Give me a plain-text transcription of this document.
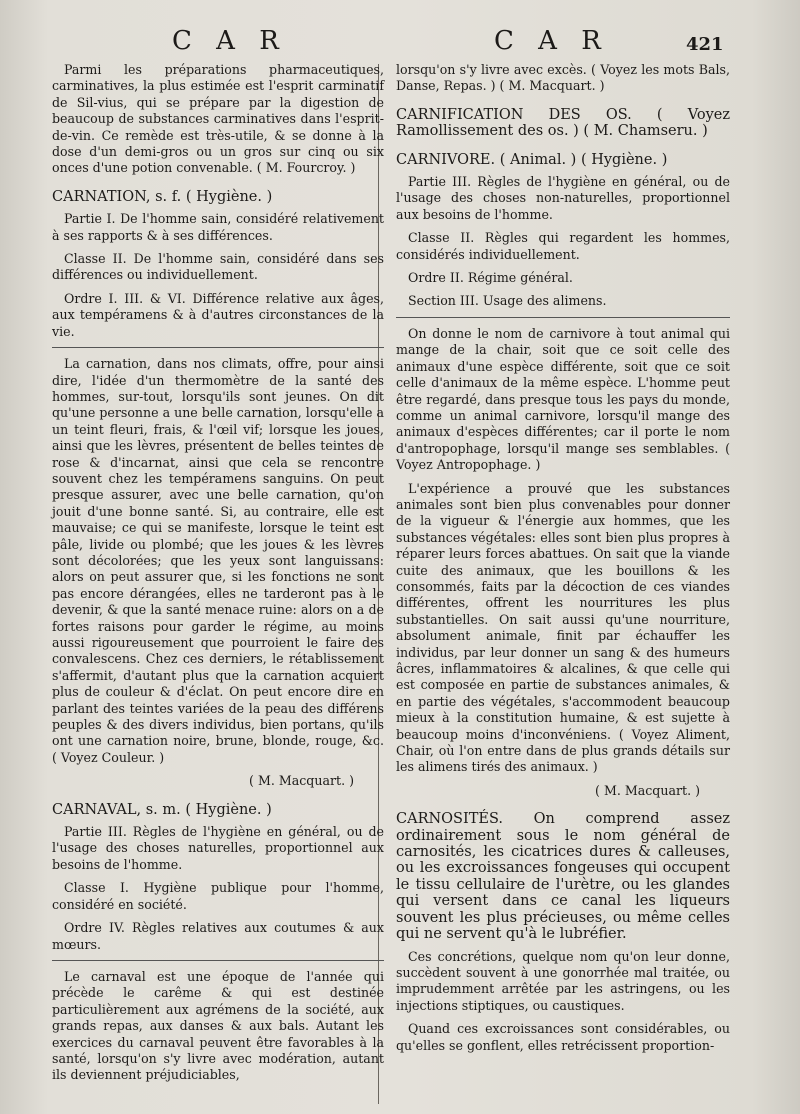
C A R	C A R	421

Parmi les préparations pharmaceutiques, carminatives, la plus estimée est l'esprit carminatif de Sil-vius, qui se prépare par la digestion de beaucoup de substances carminatives dans l'esprit-de-vin. Ce remède est très-utile, & se donne à la dose d'un demi-gros ou un gros sur cinq ou six onces d'une potion convenable. ( M. Fourcroy. )

CARNATION, s. f. ( Hygiène. )

Partie I. De l'homme sain, considéré relativement à ses rapports & à ses différences.

Classe II. De l'homme sain, considéré dans ses différences ou individuellement.

Ordre I. III. & VI. Différence relative aux âges, aux tempéramens & à d'autres circonstances de la vie.

La carnation, dans nos climats, offre, pour ainsi dire, l'idée d'un thermomètre de la santé des hommes, sur-tout, lorsqu'ils sont jeunes. On dit qu'une personne a une belle carnation, lorsqu'elle a un teint fleuri, frais, & l'œil vif; lorsque les joues, ainsi que les lèvres, présentent de belles teintes de rose & d'incarnat, ainsi que cela se rencontre souvent chez les tempéramens sanguins. On peut presque assurer, avec une belle carnation, qu'on jouit d'une bonne santé. Si, au contraire, elle est mauvaise; ce qui se manifeste, lorsque le teint est pâle, livide ou plombé; que les joues & les lèvres sont décolorées; que les yeux sont languissans: alors on peut assurer que, si les fonctions ne sont pas encore dérangées, elles ne tarderont pas à le devenir, & que la santé menace ruine: alors on a de fortes raisons pour garder le régime, au moins aussi rigoureusement que pourroient le faire des convalescens. Chez ces derniers, le rétablissement s'affermit, d'autant plus que la carnation acquiert plus de couleur & d'éclat. On peut encore dire en parlant des teintes variées de la peau des différens peuples & des divers individus, bien portans, qu'ils ont une carnation noire, brune, blonde, rouge, &c. ( Voyez Couleur. )

( M. Macquart. )

CARNAVAL, s. m. ( Hygiène. )

Partie III. Règles de l'hygiène en général, ou de l'usage des choses naturelles, proportionnel aux besoins de l'homme.

Classe I. Hygiène publique pour l'homme, considéré en société.

Ordre IV. Règles relatives aux coutumes & aux mœurs.

Le carnaval est une époque de l'année qui précède le carême & qui est destinée particulièrement aux agrémens de la société, aux grands repas, aux danses & aux bals. Autant les exercices du carnaval peuvent être favorables à la santé, lorsqu'on s'y livre avec modération, autant ils deviennent préjudiciables,

lorsqu'on s'y livre avec excès. ( Voyez les mots Bals, Danse, Repas. ) ( M. Macquart. )

CARNIFICATION DES OS. ( Voyez Ramollissement des os. ) ( M. Chamseru. )

CARNIVORE. ( Animal. ) ( Hygiène. )

Partie III. Règles de l'hygiène en général, ou de l'usage des choses non-naturelles, proportionnel aux besoins de l'homme.

Classe II. Règles qui regardent les hommes, considérés individuellement.

Ordre II. Régime général.

Section III. Usage des alimens.

On donne le nom de carnivore à tout animal qui mange de la chair, soit que ce soit celle des animaux d'une espèce différente, soit que ce soit celle d'animaux de la même espèce. L'homme peut être regardé, dans presque tous les pays du monde, comme un animal carnivore, lorsqu'il mange des animaux d'espèces différentes; car il porte le nom d'antropophage, lorsqu'il mange ses semblables. ( Voyez Antropophage. )

L'expérience a prouvé que les substances animales sont bien plus convenables pour donner de la vigueur & l'énergie aux hommes, que les substances végétales: elles sont bien plus propres à réparer leurs forces abattues. On sait que la viande cuite des animaux, que les bouillons & les consommés, faits par la décoction de ces viandes différentes, offrent les nourritures les plus substantielles. On sait aussi qu'une nourriture, absolument animale, finit par échauffer les individus, par leur donner un sang & des humeurs âcres, inflammatoires & alcalines, & que celle qui est composée en partie de substances animales, & en partie des végétales, s'accommodent beaucoup mieux à la constitution humaine, & est sujette à beaucoup moins d'inconvéniens. ( Voyez Aliment, Chair, où l'on entre dans de plus grands détails sur les alimens tirés des animaux. )

( M. Macquart. )

CARNOSITÉS. On comprend assez ordinairement sous le nom général de carnosités, les cicatrices dures & calleuses, ou les excroissances fongeuses qui occupent le tissu cellulaire de l'urètre, ou les glandes qui versent dans ce canal les liqueurs souvent les plus précieuses, ou même celles qui ne servent qu'à le lubréfier.

Ces concrétions, quelque nom qu'on leur donne, succèdent souvent à une gonorrhée mal traitée, ou imprudemment arrêtée par les astringens, ou les injections stiptiques, ou caustiques.

Quand ces excroissances sont considérables, ou qu'elles se gonflent, elles retrécissent proportion-
